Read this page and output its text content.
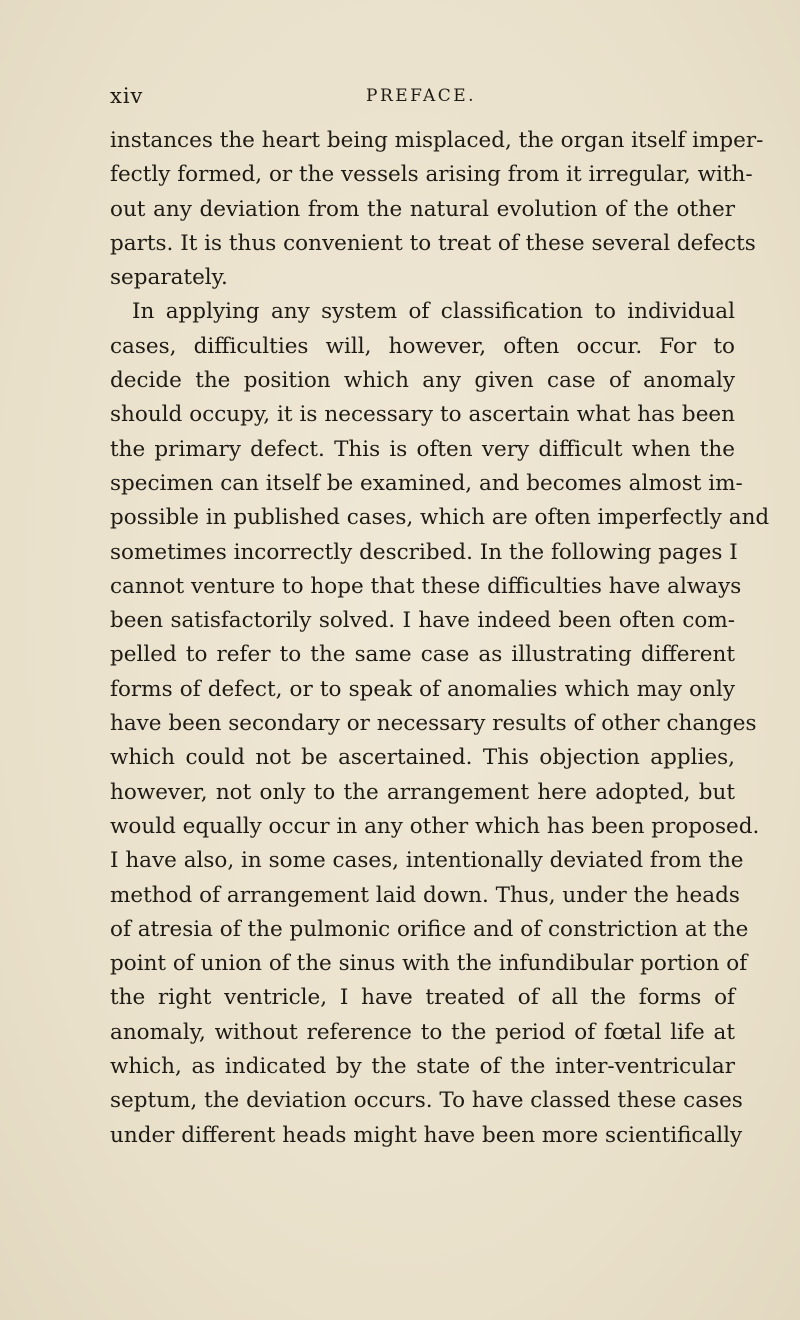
xiv	PREFACE.
instances the heart being misplaced, the organ itself imper-
fectly formed, or the vessels arising from it irregular, with-
out any deviation from the natural evolution of the other
parts. It is thus convenient to treat of these several defects
separately.
In applying any system of classification to individual
cases, difficulties will, however, often occur. For to
decide the position which any given case of anomaly
should occupy, it is necessary to ascertain what has been
the primary defect. This is often very difficult when the
specimen can itself be examined, and becomes almost im-
possible in published cases, which are often imperfectly and
sometimes incorrectly described. In the following pages I
cannot venture to hope that these difficulties have always
been satisfactorily solved. I have indeed been often com-
pelled to refer to the same case as illustrating different
forms of defect, or to speak of anomalies which may only
have been secondary or necessary results of other changes
which could not be ascertained. This objection applies,
however, not only to the arrangement here adopted, but
would equally occur in any other which has been proposed.
I have also, in some cases, intentionally deviated from the
method of arrangement laid down. Thus, under the heads
of atresia of the pulmonic orifice and of constriction at the
point of union of the sinus with the infundibular portion of
the right ventricle, I have treated of all the forms of
anomaly, without reference to the period of fœtal life at
which, as indicated by the state of the inter-ventricular
septum, the deviation occurs. To have classed these cases
under different heads might have been more scientifically
